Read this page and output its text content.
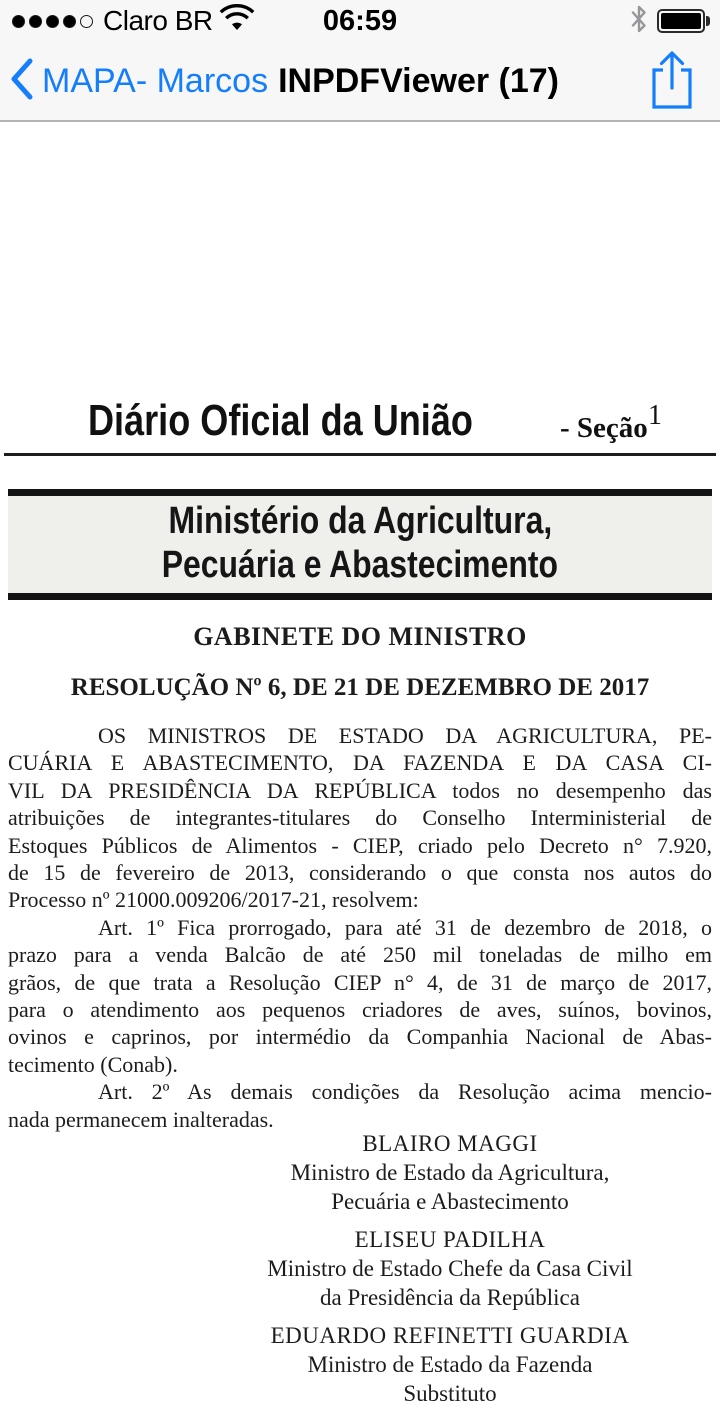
Claro BR	06:59
MAPA- Marcos INPDFViewer (17)
Diário Oficial da União	- Seção 1
Ministério da Agricultura,
Pecuária e Abastecimento
GABINETE DO MINISTRO
RESOLUÇÃO Nº 6, DE 21 DE DEZEMBRO DE 2017
OS MINISTROS DE ESTADO DA AGRICULTURA, PE-
CUÁRIA E ABASTECIMENTO, DA FAZENDA E DA CASA CI-
VIL DA PRESIDÊNCIA DA REPÚBLICA todos no desempenho das
atribuições de integrantes-titulares do Conselho Interministerial de
Estoques Públicos de Alimentos - CIEP, criado pelo Decreto n° 7.920,
de 15 de fevereiro de 2013, considerando o que consta nos autos do
Processo nº 21000.009206/2017-21, resolvem:
Art. 1º Fica prorrogado, para até 31 de dezembro de 2018, o
prazo para a venda Balcão de até 250 mil toneladas de milho em
grãos, de que trata a Resolução CIEP n° 4, de 31 de março de 2017,
para o atendimento aos pequenos criadores de aves, suínos, bovinos,
ovinos e caprinos, por intermédio da Companhia Nacional de Abas-
tecimento (Conab).
Art. 2º As demais condições da Resolução acima mencio-
nada permanecem inalteradas.
BLAIRO MAGGI
Ministro de Estado da Agricultura,
Pecuária e Abastecimento
ELISEU PADILHA
Ministro de Estado Chefe da Casa Civil
da Presidência da República
EDUARDO REFINETTI GUARDIA
Ministro de Estado da Fazenda
Substituto
